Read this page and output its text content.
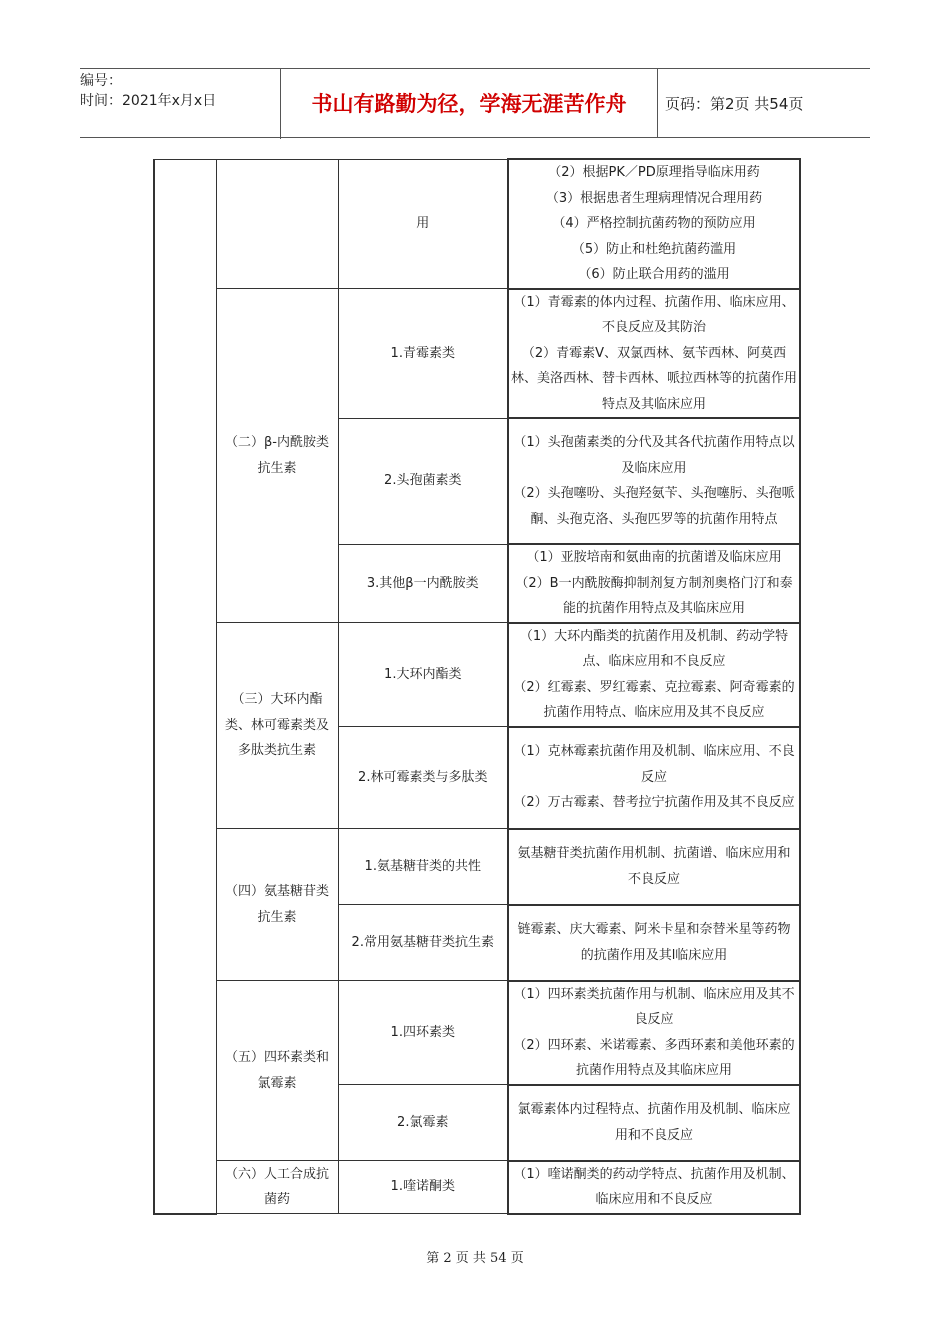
编号：
时间：2021年x月x日	书山有路勤为径，学海无涯苦作舟	页码：第2页 共54页
		用	（2）根据PK／PD原理指导临床用药
（3）根据患者生理病理情况合理用药
（4）严格控制抗菌药物的预防应用
（5）防止和杜绝抗菌药滥用
（6）防止联合用药的滥用

	（二）β-内酰胺类抗生素	1.青霉素类	（1）青霉素的体内过程、抗菌作用、临床应用、不良反应及其防治
（2）青霉素V、双氯西林、氨苄西林、阿莫西林、美洛西林、替卡西林、哌拉西林等的抗菌作用特点及其临床应用

		2.头孢菌素类	（1）头孢菌素类的分代及其各代抗菌作用特点以及临床应用
（2）头孢噻吩、头孢羟氨苄、头孢噻肟、头孢哌酮、头孢克洛、头孢匹罗等的抗菌作用特点

		3.其他β一内酰胺类	（1）亚胺培南和氨曲南的抗菌谱及临床应用
（2）B一内酰胺酶抑制剂复方制剂奥格门汀和泰能的抗菌作用特点及其临床应用

	（三）大环内酯类、林可霉素类及多肽类抗生素	1.大环内酯类	（1）大环内酯类的抗菌作用及机制、药动学特点、临床应用和不良反应
（2）红霉素、罗红霉素、克拉霉素、阿奇霉素的抗菌作用特点、临床应用及其不良反应

		2.林可霉素类与多肽类	（1）克林霉素抗菌作用及机制、临床应用、不良反应
（2）万古霉素、替考拉宁抗菌作用及其不良反应

	（四）氨基糖苷类抗生素	1.氨基糖苷类的共性	氨基糖苷类抗菌作用机制、抗菌谱、临床应用和
不良反应

		2.常用氨基糖苷类抗生素	链霉素、庆大霉素、阿米卡星和奈替米星等药物
的抗菌作用及其l临床应用

	（五）四环素类和氯霉素	1.四环素类	（1）四环素类抗菌作用与机制、临床应用及其不良反应
（2）四环素、米诺霉素、多西环素和美他环素的抗菌作用特点及其临床应用

		2.氯霉素	氯霉素体内过程特点、抗菌作用及机制、临床应
用和不良反应

	（六）人工合成抗菌药	1.喹诺酮类	（1）喹诺酮类的药动学特点、抗菌作用及机制、临床应用和不良反应
第 2 页 共 54 页
